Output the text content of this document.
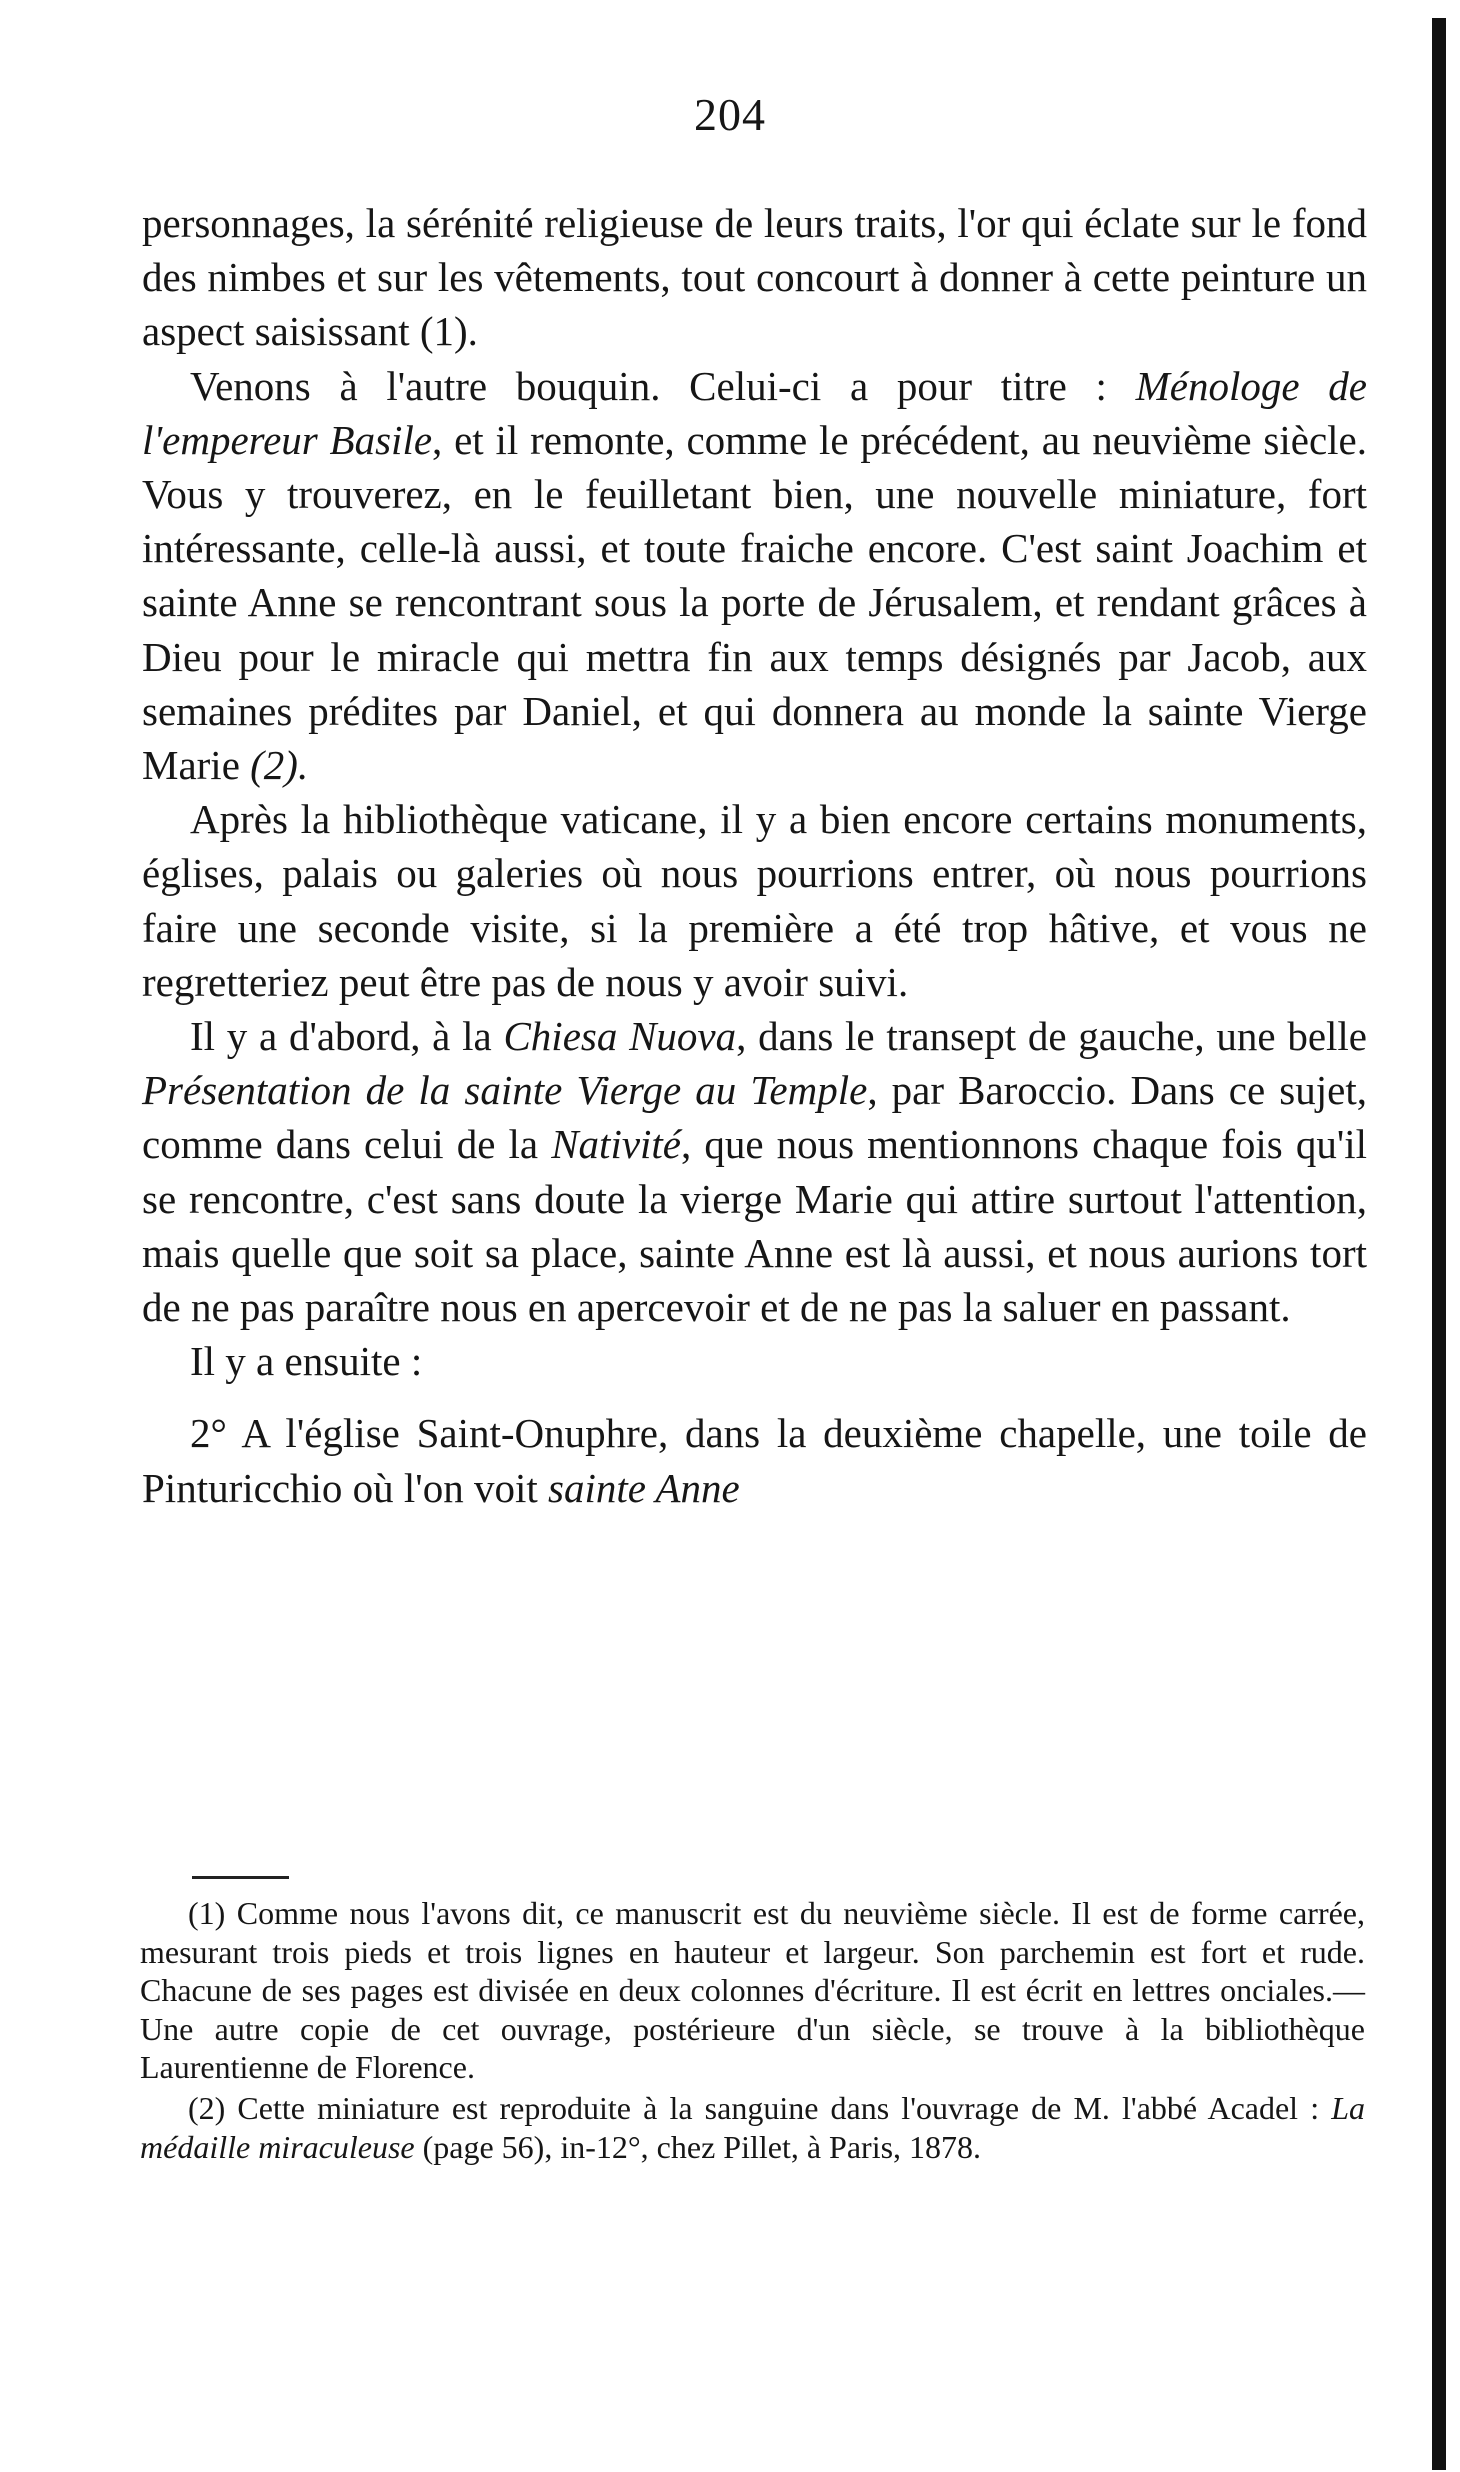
204

personnages, la sérénité religieuse de leurs traits, l'or qui éclate sur le fond des nimbes et sur les vêtements, tout concourt à donner à cette peinture un aspect saisissant (1).

Venons à l'autre bouquin. Celui-ci a pour titre : Ménologe de l'empereur Basile, et il remonte, comme le précédent, au neuvième siècle. Vous y trouverez, en le feuilletant bien, une nouvelle miniature, fort intéressante, celle-là aussi, et toute fraiche encore. C'est saint Joachim et sainte Anne se rencontrant sous la porte de Jérusalem, et rendant grâces à Dieu pour le miracle qui mettra fin aux temps désignés par Jacob, aux semaines prédites par Daniel, et qui donnera au monde la sainte Vierge Marie (2).

Après la hibliothèque vaticane, il y a bien encore certains monuments, églises, palais ou galeries où nous pourrions entrer, où nous pourrions faire une seconde visite, si la première a été trop hâtive, et vous ne regretteriez peut être pas de nous y avoir suivi.

Il y a d'abord, à la Chiesa Nuova, dans le transept de gauche, une belle Présentation de la sainte Vierge au Temple, par Baroccio. Dans ce sujet, comme dans celui de la Nativité, que nous mentionnons chaque fois qu'il se rencontre, c'est sans doute la vierge Marie qui attire surtout l'attention, mais quelle que soit sa place, sainte Anne est là aussi, et nous aurions tort de ne pas paraître nous en apercevoir et de ne pas la saluer en passant.

Il y a ensuite :

2° A l'église Saint-Onuphre, dans la deuxième chapelle, une toile de Pinturicchio où l'on voit sainte Anne

(1) Comme nous l'avons dit, ce manuscrit est du neuvième siècle. Il est de forme carrée, mesurant trois pieds et trois lignes en hauteur et largeur. Son parchemin est fort et rude. Chacune de ses pages est divisée en deux colonnes d'écriture. Il est écrit en lettres onciales.—Une autre copie de cet ouvrage, postérieure d'un siècle, se trouve à la bibliothèque Laurentienne de Florence.

(2) Cette miniature est reproduite à la sanguine dans l'ouvrage de M. l'abbé Acadel : La médaille miraculeuse (page 56), in-12°, chez Pillet, à Paris, 1878.
